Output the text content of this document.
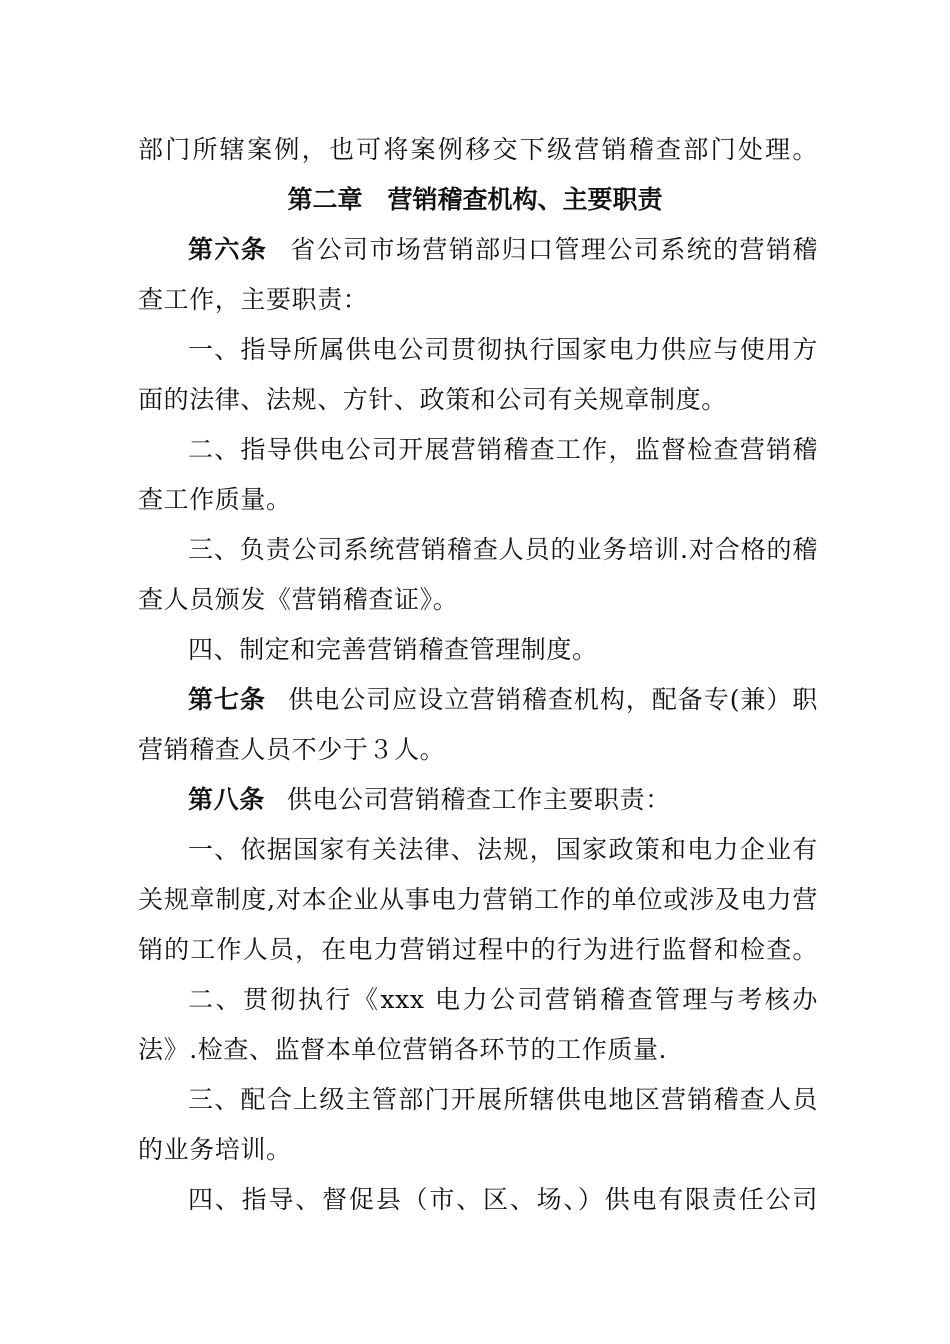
部门所辖案例，也可将案例移交下级营销稽查部门处理。
第二章　营销稽查机构、主要职责
第六条 省公司市场营销部归口管理公司系统的营销稽
查工作，主要职责：
一、指导所属供电公司贯彻执行国家电力供应与使用方
面的法律、法规、方针、政策和公司有关规章制度。
二、指导供电公司开展营销稽查工作，监督检查营销稽
查工作质量。
三、负责公司系统营销稽查人员的业务培训.对合格的稽
查人员颁发《营销稽查证》。
四、制定和完善营销稽查管理制度。
第七条 供电公司应设立营销稽查机构，配备专(兼）职
营销稽查人员不少于３人。
第八条 供电公司营销稽查工作主要职责：
一、依据国家有关法律、法规，国家政策和电力企业有
关规章制度,对本企业从事电力营销工作的单位或涉及电力营
销的工作人员，在电力营销过程中的行为进行监督和检查。
二、贯彻执行《xxx 电力公司营销稽查管理与考核办
法》.检查、监督本单位营销各环节的工作质量.
三、配合上级主管部门开展所辖供电地区营销稽查人员
的业务培训。
四、指导、督促县（市、区、场、）供电有限责任公司
